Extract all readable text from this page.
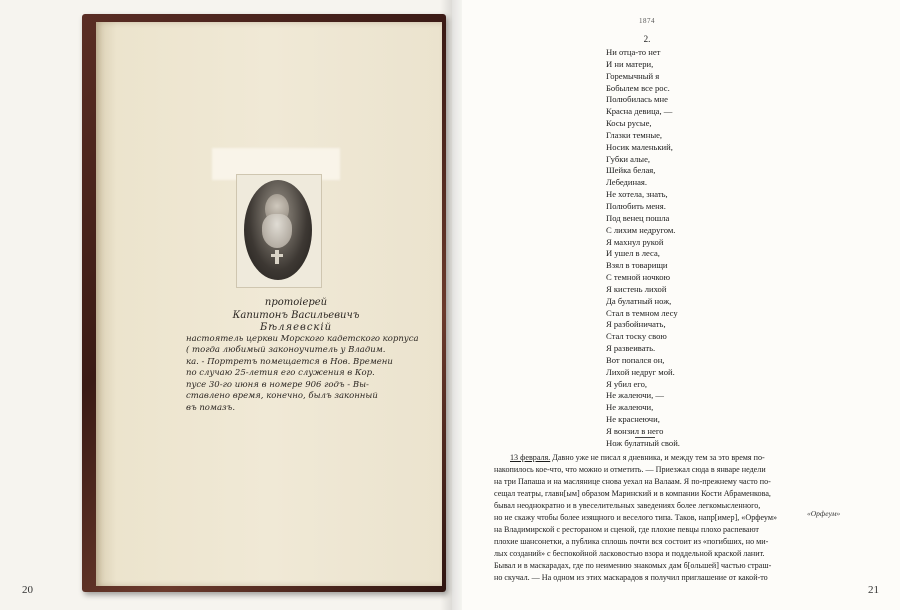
протоiерей
Капитонъ Васильевичъ
Бѣляевскiй
настоятель церкви Морского кадетского корпуса
( тогда любимый законоучитель у Владим.
ка. - Портретъ помещается в Нов. Времени
по случаю 25-летия его служения в Кор.
пусе 30-го июня в номере 906 годъ - Вы-
ставлено время, конечно, былъ законный
въ помазъ.
20
1874
2.
Ни отца-то нет
И ни матери,
Горемычный я
Бобылем все рос.
Полюбилась мне
Красна девица, —
Косы русые,
Глазки темные,
Носик маленький,
Губки алые,
Шейка белая,
Лебединая.
Не хотела, знать,
Полюбить меня.
Под венец пошла
С лихим недругом.
Я махнул рукой
И ушел в леса,
Взял в товарищи
С темной ночкою
Я кистень лихой
Да булатный нож,
Стал в темном лесу
Я разбойничать,
Стал тоску свою
Я развеивать.
Вот попался он,
Лихой недруг мой.
Я убил его,
Не жалеючи, —
Не жалеючи,
Не краснеючи,
Я вонзил в него
Нож булатный свой.
13 февраля. Давно уже не писал я дневника, и между тем за это время по-
накопилось кое-что, что можно и отметить. — Приезжал сюда в январе недели
на три Папаша и на масляницe снова уехал на Валаам. Я по-прежнему часто по-
сещал театры, главн[ым] образом Маринский и в компании Кости Абраменкова,
бывал неоднократно и в увеселительных заведениях более легкомысленного,
но не скажу чтобы более изящного и веселого типа. Таков, напр[имер], «Орфеум»
на Владимирской с рестораном и сценой, где плохие певцы плохо распевают
плохие шансонетки, а публика сплошь почти вся состоит из «погибших, но ми-
лых созданий» с беспокойной ласковостью взора и поддельной краской ланит.
Бывал и в маскарадах, где по неимению знакомых дам б[ольшей] частью страш-
но скучал. — На одном из этих маскарадов я получил приглашение от какой-то
«Орфеум»
21
